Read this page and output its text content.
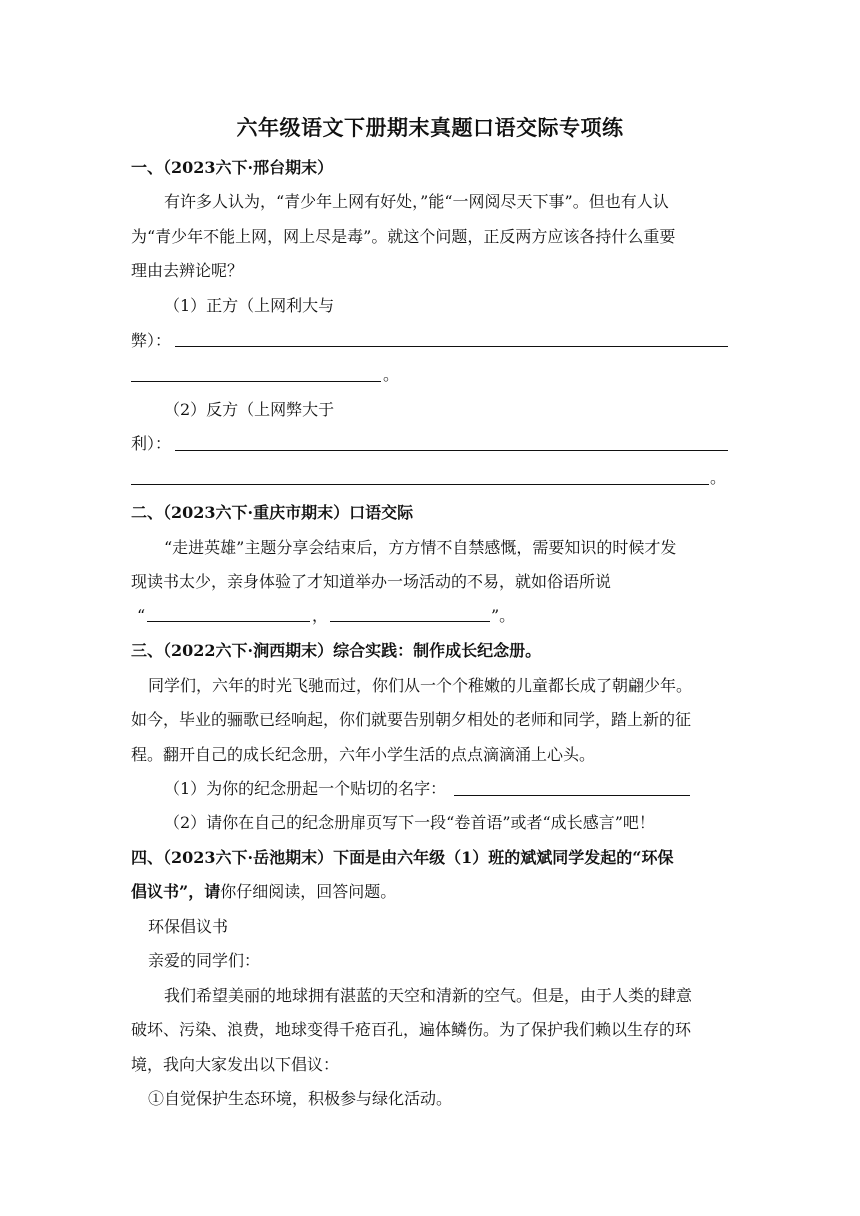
六年级语文下册期末真题口语交际专项练
一、（2023六下·邢台期末）
有许多人认为，“青少年上网有好处，”能“一网阅尽天下事”。但也有人认
为“青少年不能上网，网上尽是毒”。就这个问题，正反两方应该各持什么重要
理由去辨论呢？
（1）正方（上网利大与
弊）：
。
（2）反方（上网弊大于
利）：
。
二、（2023六下·重庆市期末）口语交际
“走进英雄”主题分享会结束后，方方情不自禁感慨，需要知识的时候才发
现读书太少，亲身体验了才知道举办一场活动的不易，就如俗语所说
“	，	”。
三、（2022六下·涧西期末）综合实践：制作成长纪念册。
同学们，六年的时光飞驰而过，你们从一个个稚嫩的儿童都长成了朝翩少年。
如今，毕业的骊歌已经响起，你们就要告别朝夕相处的老师和同学，踏上新的征
程。翻开自己的成长纪念册，六年小学生活的点点滴滴涌上心头。
（1）为你的纪念册起一个贴切的名字：
（2）请你在自己的纪念册扉页写下一段“卷首语”或者“成长感言”吧！
四、（2023六下·岳池期末）下面是由六年级（1）班的斌斌同学发起的“环保
倡议书”，请你仔细阅读，回答问题。
环保倡议书
亲爱的同学们：
我们希望美丽的地球拥有湛蓝的天空和清新的空气。但是，由于人类的肆意
破坏、污染、浪费，地球变得千疮百孔，遍体鳞伤。为了保护我们赖以生存的环
境，我向大家发出以下倡议：
①自觉保护生态环境，积极参与绿化活动。
